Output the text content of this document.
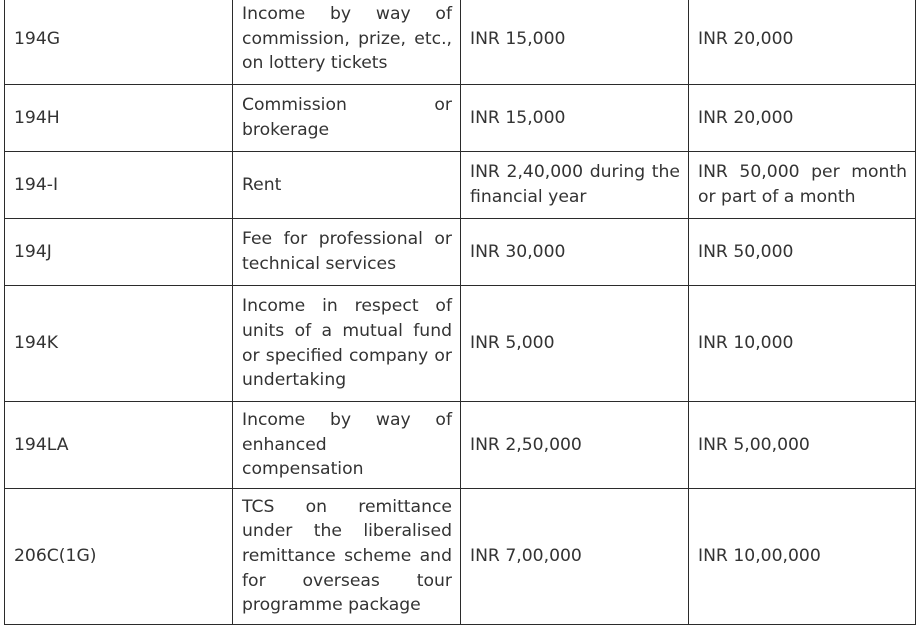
194G	Income by way of commission, prize, etc., on lottery tickets	INR 15,000	INR 20,000
194H	Commission or brokerage	INR 15,000	INR 20,000
194-I	Rent	INR 2,40,000 during the financial year	INR 50,000 per month or part of a month
194J	Fee for professional or technical services	INR 30,000	INR 50,000
194K	Income in respect of units of a mutual fund or specified company or undertaking	INR 5,000	INR 10,000
194LA	Income by way of enhanced compensation	INR 2,50,000	INR 5,00,000
206C(1G)	TCS on remittance under the liberalised remittance scheme and for overseas tour programme package	INR 7,00,000	INR 10,00,000
